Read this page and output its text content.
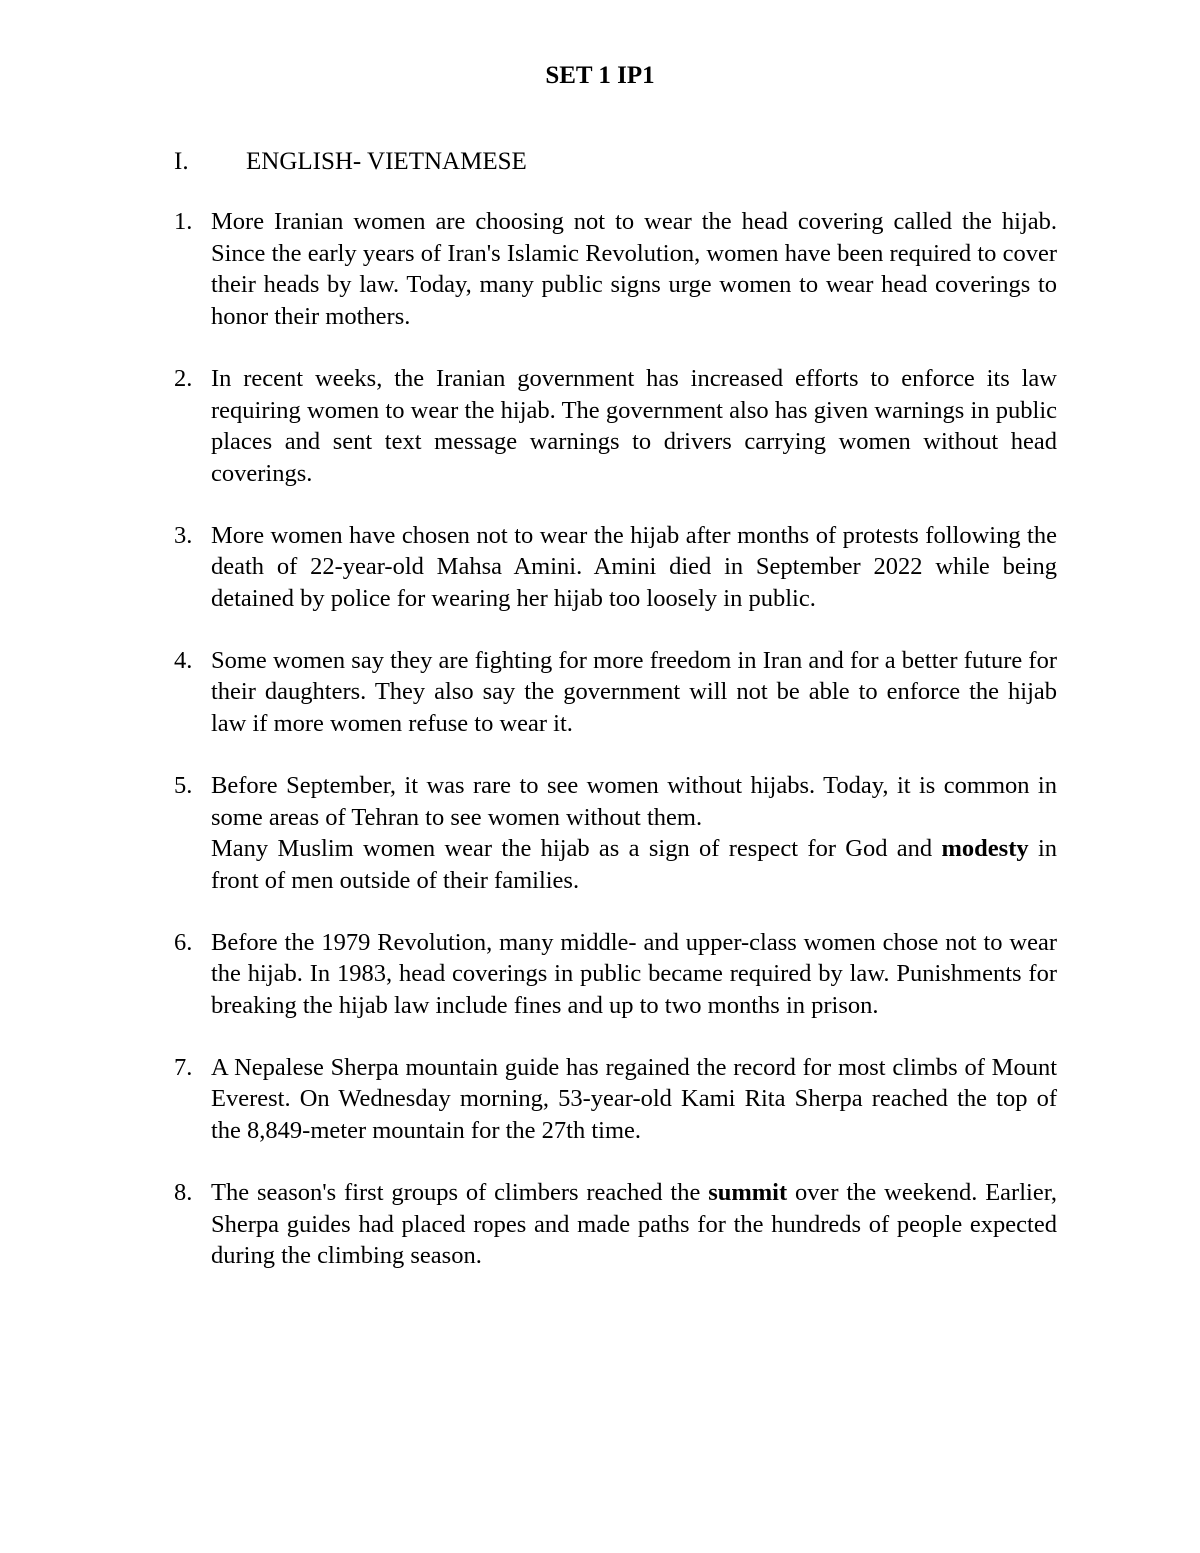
SET 1 IP1
I. ENGLISH- VIETNAMESE
1. More Iranian women are choosing not to wear the head covering called the hijab. Since the early years of Iran's Islamic Revolution, women have been required to cover their heads by law. Today, many public signs urge women to wear head coverings to honor their mothers.

2. In recent weeks, the Iranian government has increased efforts to enforce its law requiring women to wear the hijab. The government also has given warnings in public places and sent text message warnings to drivers carrying women without head coverings.

3. More women have chosen not to wear the hijab after months of protests following the death of 22-year-old Mahsa Amini. Amini died in September 2022 while being detained by police for wearing her hijab too loosely in public.

4. Some women say they are fighting for more freedom in Iran and for a better future for their daughters. They also say the government will not be able to enforce the hijab law if more women refuse to wear it.

5. Before September, it was rare to see women without hijabs. Today, it is common in some areas of Tehran to see women without them.

Many Muslim women wear the hijab as a sign of respect for God and modesty in front of men outside of their families.

6. Before the 1979 Revolution, many middle- and upper-class women chose not to wear the hijab. In 1983, head coverings in public became required by law. Punishments for breaking the hijab law include fines and up to two months in prison.

7. A Nepalese Sherpa mountain guide has regained the record for most climbs of Mount Everest. On Wednesday morning, 53-year-old Kami Rita Sherpa reached the top of the 8,849-meter mountain for the 27th time.

8. The season's first groups of climbers reached the summit over the weekend. Earlier, Sherpa guides had placed ropes and made paths for the hundreds of people expected during the climbing season.
